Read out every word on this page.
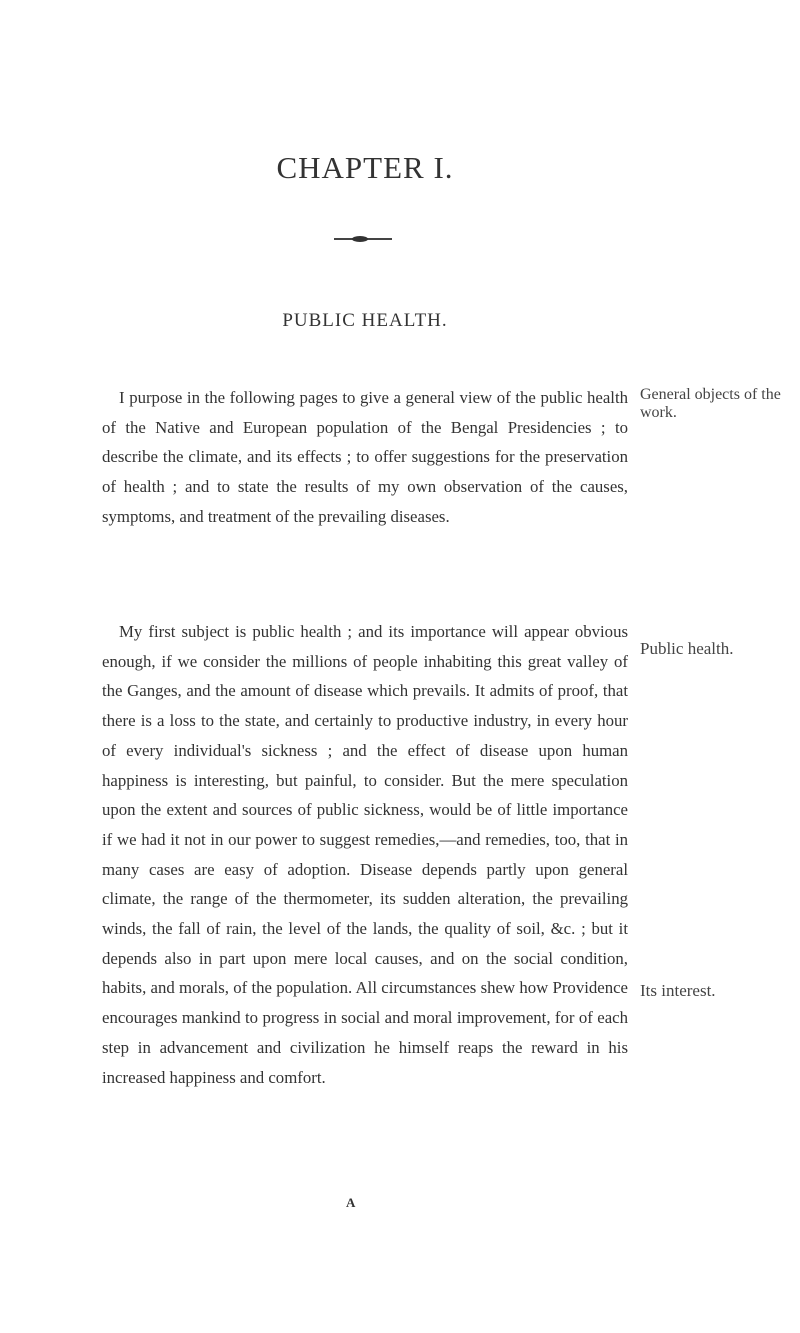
CHAPTER I.
PUBLIC HEALTH.

I purpose in the following pages to give a general view of the public health of the Native and European population of the Bengal Presidencies ; to describe the climate, and its effects ; to offer suggestions for the preservation of health ; and to state the results of my own observation of the causes, symptoms, and treatment of the prevailing diseases.

My first subject is public health ; and its importance will appear obvious enough, if we consider the millions of people inhabiting this great valley of the Ganges, and the amount of disease which prevails. It admits of proof, that there is a loss to the state, and certainly to productive industry, in every hour of every individual's sickness ; and the effect of disease upon human happiness is interesting, but painful, to consider. But the mere speculation upon the extent and sources of public sickness, would be of little importance if we had it not in our power to suggest remedies,—and remedies, too, that in many cases are easy of adoption. Disease depends partly upon general climate, the range of the thermometer, its sudden alteration, the prevailing winds, the fall of rain, the level of the lands, the quality of soil, &c. ; but it depends also in part upon mere local causes, and on the social condition, habits, and morals, of the population. All circumstances shew how Providence encourages mankind to progress in social and moral improvement, for of each step in advancement and civilization he himself reaps the reward in his increased happiness and comfort.

General objects of the work.
Public health.
Its interest.
A
